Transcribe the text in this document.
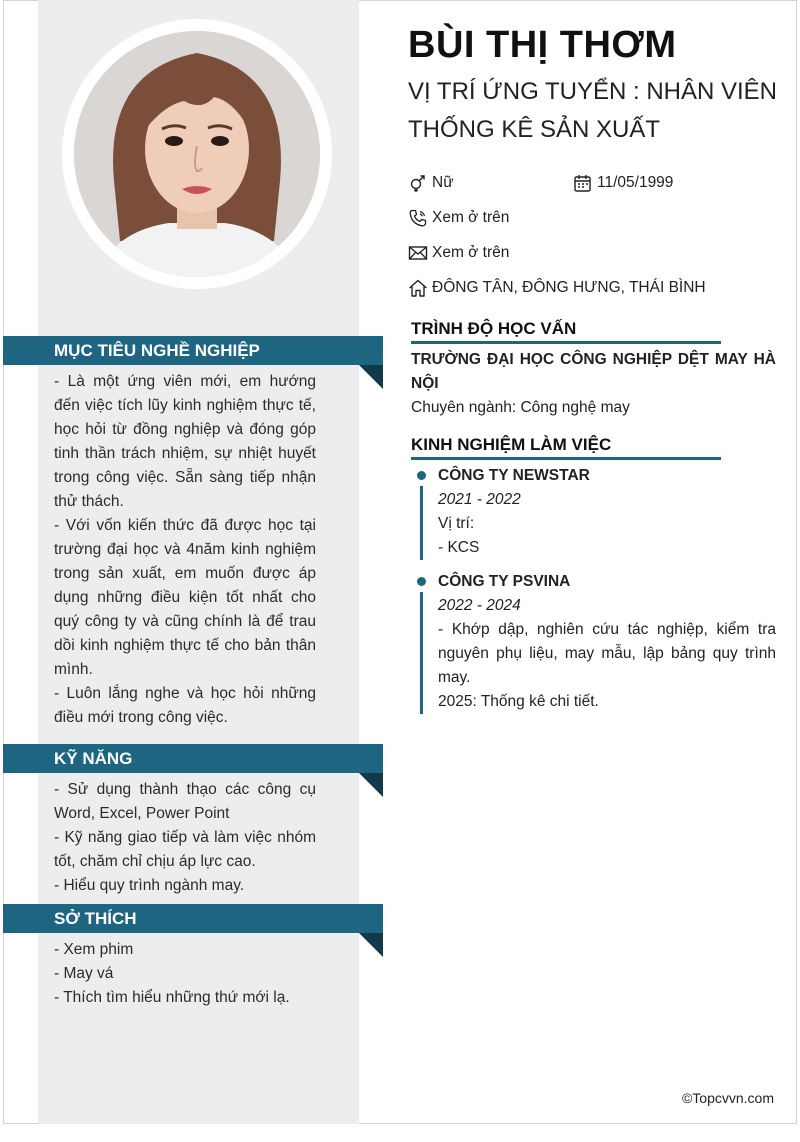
MỤC TIÊU NGHỀ NGHIỆP

- Là một ứng viên mới, em hướng đến việc tích lũy kinh nghiệm thực tế, học hỏi từ đồng nghiệp và đóng góp tinh thần trách nhiệm, sự nhiệt huyết trong công việc. Sẵn sàng tiếp nhận thử thách.

- Với vốn kiến thức đã được học tại trường đại học và 4năm kinh nghiệm trong sản xuất, em muốn được áp dụng những điều kiện tốt nhất cho quý công ty và cũng chính là để trau dồi kinh nghiệm thực tế cho bản thân mình.

- Luôn lắng nghe và học hỏi những điều mới trong công việc.

KỸ NĂNG

- Sử dụng thành thạo các công cụ Word, Excel, Power Point

- Kỹ năng giao tiếp và làm việc nhóm tốt, chăm chỉ chịu áp lực cao.

- Hiểu quy trình ngành may.

SỞ THÍCH

- Xem phim

- May vá

- Thích tìm hiểu những thứ mới lạ.

BÙI THỊ THƠM
VỊ TRÍ ỨNG TUYỂN : NHÂN VIÊN
THỐNG KÊ SẢN XUẤT
Nữ	11/05/1999
Xem ở trên
Xem ở trên
ĐÔNG TÂN, ĐÔNG HƯNG, THÁI BÌNH
TRÌNH ĐỘ HỌC VẤN
TRƯỜNG ĐẠI HỌC CÔNG NGHIỆP DỆT MAY HÀ NỘI
Chuyên ngành: Công nghệ may
KINH NGHIỆM LÀM VIỆC
CÔNG TY NEWSTAR
2021 - 2022
Vị trí:
- KCS
CÔNG TY PSVINA
2022 - 2024
- Khớp dập, nghiên cứu tác nghiệp, kiểm tra nguyên phụ liệu, may mẫu, lập bảng quy trình may.
2025: Thống kê chi tiết.
©Topcvvn.com
